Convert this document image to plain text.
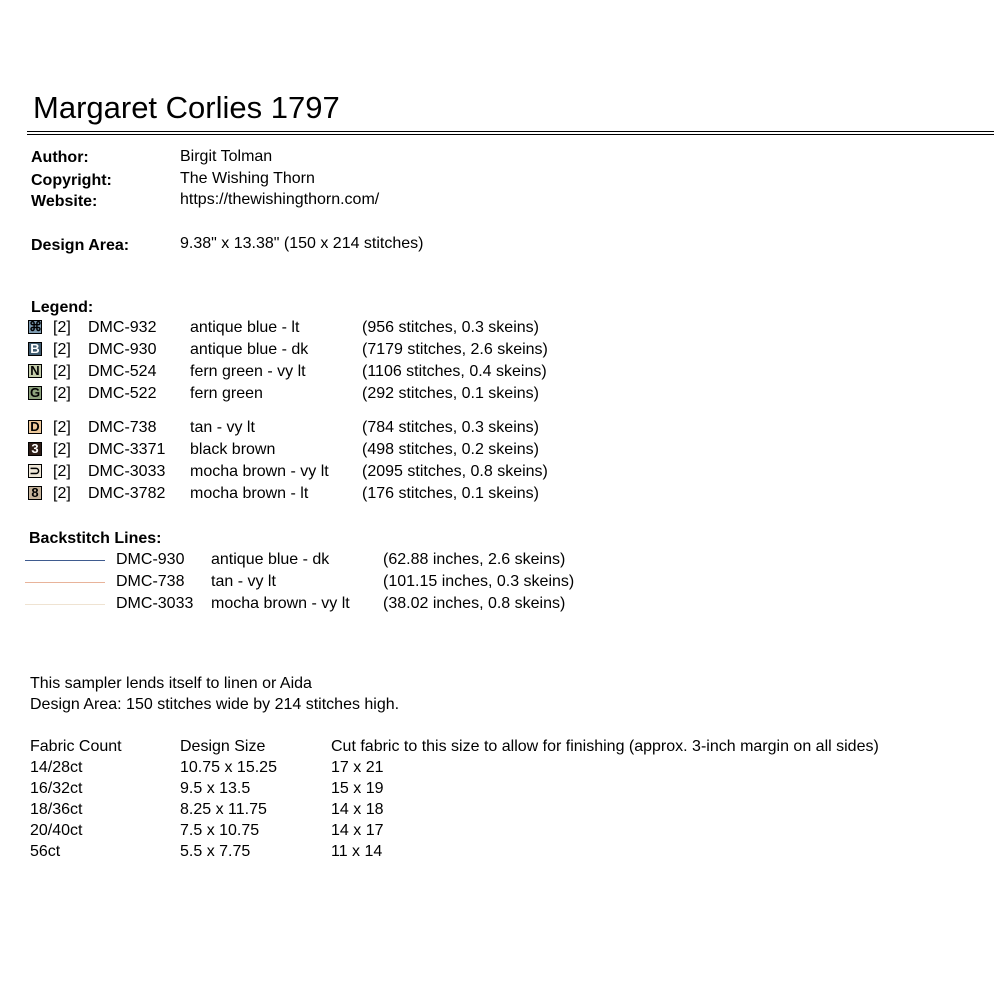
Margaret Corlies 1797
Author:	Birgit Tolman
Copyright:	The Wishing Thorn
Website:	https://thewishingthorn.com/
Design Area:	9.38" x 13.38" (150 x 214 stitches)
Legend:
⌘ [2] DMC-932 antique blue - lt	(956 stitches, 0.3 skeins)
B [2] DMC-930 antique blue - dk	(7179 stitches, 2.6 skeins)
N [2] DMC-524 fern green - vy lt	(1106 stitches, 0.4 skeins)
G [2] DMC-522 fern green	(292 stitches, 0.1 skeins)
D [2] DMC-738 tan - vy lt	(784 stitches, 0.3 skeins)
3 [2] DMC-3371 black brown	(498 stitches, 0.2 skeins)
⊃ [2] DMC-3033 mocha brown - vy lt (2095 stitches, 0.8 skeins)
8 [2] DMC-3782 mocha brown - lt	(176 stitches, 0.1 skeins)
Backstitch Lines:
DMC-930 antique blue - dk	(62.88 inches, 2.6 skeins)
DMC-738 tan - vy lt	(101.15 inches, 0.3 skeins)
DMC-3033 mocha brown - vy lt (38.02 inches, 0.8 skeins)
This sampler lends itself to linen or Aida
Design Area: 150 stitches wide by 214 stitches high.
Fabric Count	Design Size	Cut fabric to this size to allow for finishing (approx. 3-inch margin on all sides)
14/28ct	10.75 x 15.25	17 x 21
16/32ct	9.5 x 13.5	15 x 19
18/36ct	8.25 x 11.75	14 x 18
20/40ct	7.5 x 10.75	14 x 17
56ct	5.5 x 7.75	11 x 14
